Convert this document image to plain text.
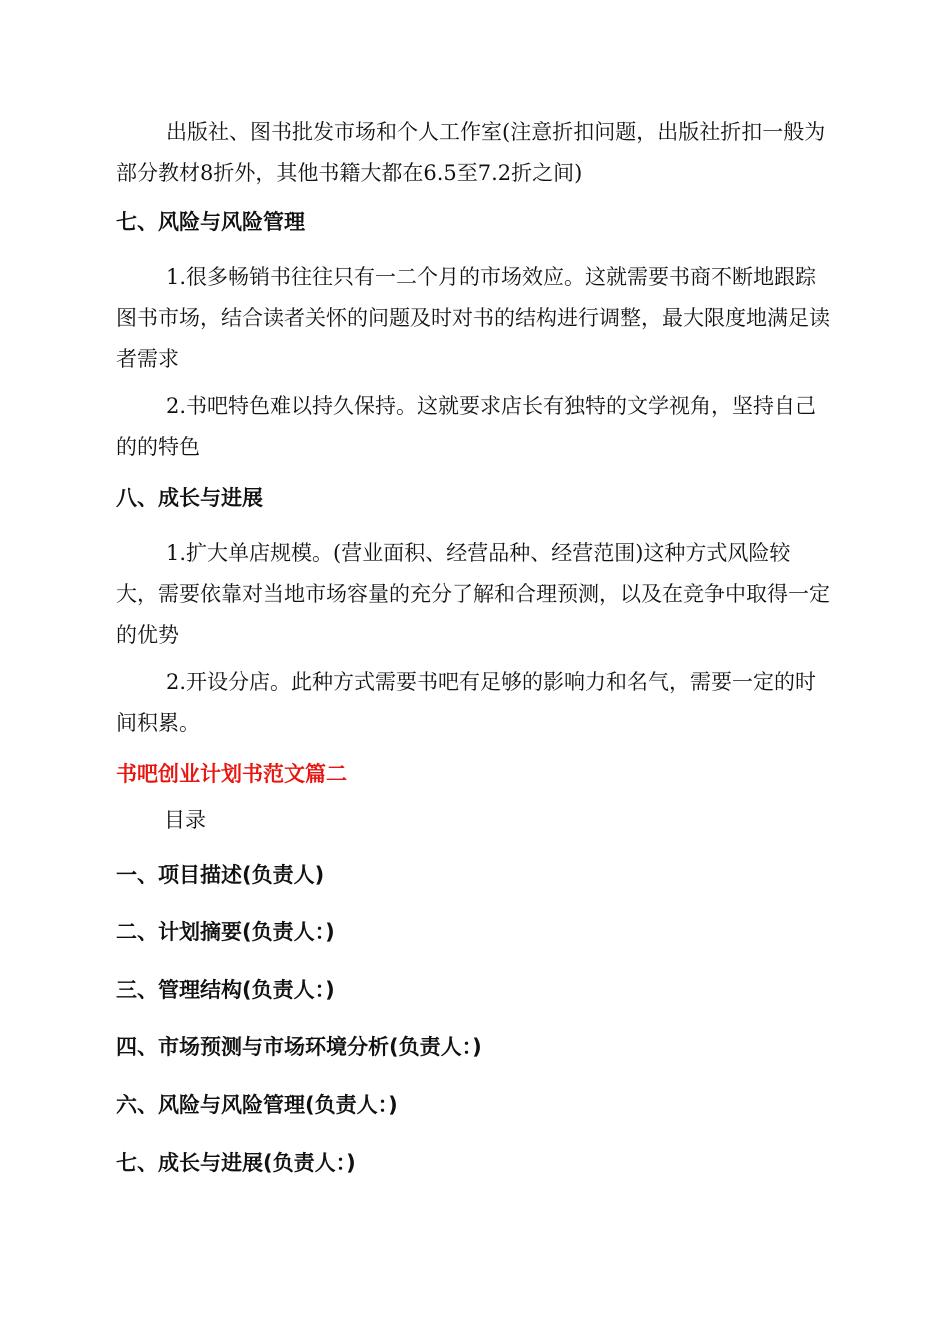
出版社、图书批发市场和个人工作室(注意折扣问题，出版社折扣一般为部分教材8折外，其他书籍大都在6.5至7.2折之间)

七、风险与风险管理

1.很多畅销书往往只有一二个月的市场效应。这就需要书商不断地跟踪图书市场，结合读者关怀的问题及时对书的结构进行调整，最大限度地满足读者需求

2.书吧特色难以持久保持。这就要求店长有独特的文学视角，坚持自己的的特色

八、成长与进展

1.扩大单店规模。(营业面积、经营品种、经营范围)这种方式风险较大，需要依靠对当地市场容量的充分了解和合理预测，以及在竞争中取得一定的优势

2.开设分店。此种方式需要书吧有足够的影响力和名气，需要一定的时间积累。

书吧创业计划书范文篇二

目录

一、项目描述(负责人)
二、计划摘要(负责人：)
三、管理结构(负责人：)
四、市场预测与市场环境分析(负责人：)
六、风险与风险管理(负责人：)
七、成长与进展(负责人：)
